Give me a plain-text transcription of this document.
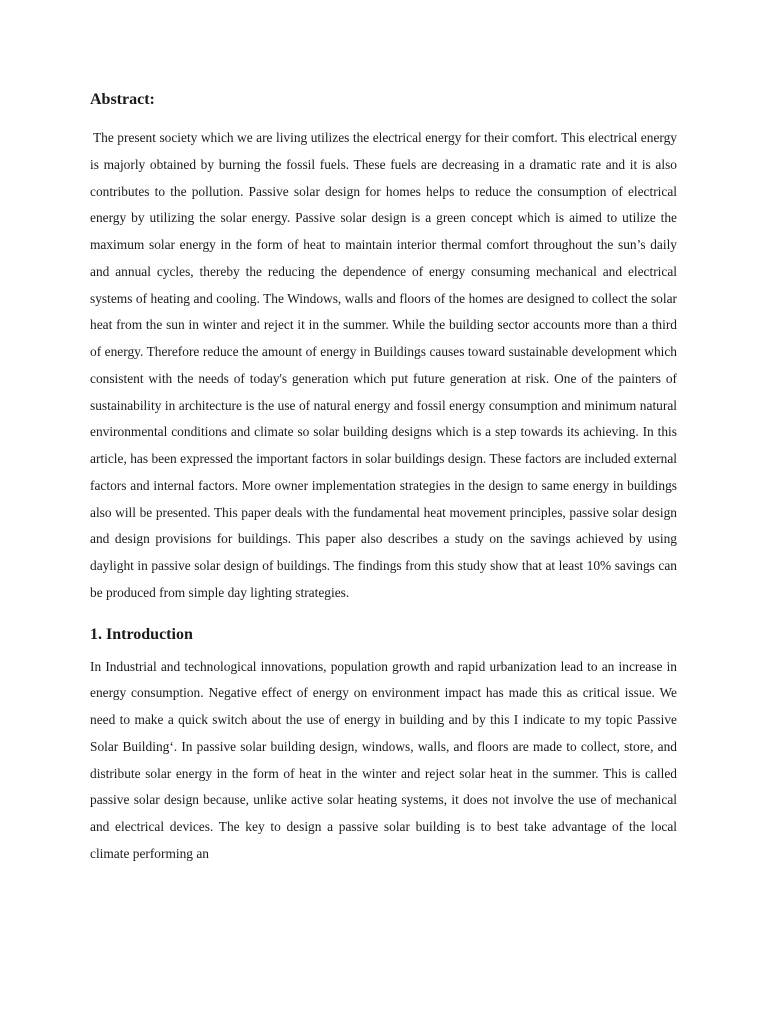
Abstract:

The present society which we are living utilizes the electrical energy for their comfort. This electrical energy is majorly obtained by burning the fossil fuels. These fuels are decreasing in a dramatic rate and it is also contributes to the pollution. Passive solar design for homes helps to reduce the consumption of electrical energy by utilizing the solar energy. Passive solar design is a green concept which is aimed to utilize the maximum solar energy in the form of heat to maintain interior thermal comfort throughout the sun’s daily and annual cycles, thereby the reducing the dependence of energy consuming mechanical and electrical systems of heating and cooling. The Windows, walls and floors of the homes are designed to collect the solar heat from the sun in winter and reject it in the summer. While the building sector accounts more than a third of energy. Therefore reduce the amount of energy in Buildings causes toward sustainable development which consistent with the needs of today's generation which put future generation at risk. One of the painters of sustainability in architecture is the use of natural energy and fossil energy consumption and minimum natural environmental conditions and climate so solar building designs which is a step towards its achieving. In this article, has been expressed the important factors in solar buildings design. These factors are included external factors and internal factors. More owner implementation strategies in the design to same energy in buildings also will be presented. This paper deals with the fundamental heat movement principles, passive solar design and design provisions for buildings. This paper also describes a study on the savings achieved by using daylight in passive solar design of buildings. The findings from this study show that at least 10% savings can be produced from simple day lighting strategies.

1. Introduction

In Industrial and technological innovations, population growth and rapid urbanization lead to an increase in energy consumption. Negative effect of energy on environment impact has made this as critical issue. We need to make a quick switch about the use of energy in building and by this I indicate to my topic Passive Solar Building‘. In passive solar building design, windows, walls, and floors are made to collect, store, and distribute solar energy in the form of heat in the winter and reject solar heat in the summer. This is called passive solar design because, unlike active solar heating systems, it does not involve the use of mechanical and electrical devices. The key to design a passive solar building is to best take advantage of the local climate performing an
